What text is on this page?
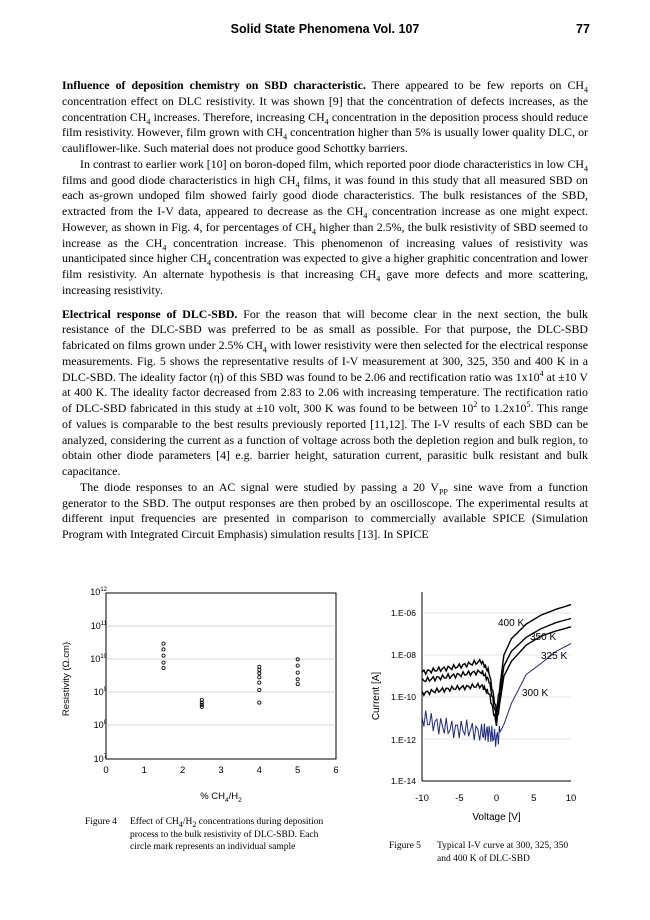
Solid State Phenomena Vol. 107	77

Influence of deposition chemistry on SBD characteristic. There appeared to be few reports on $CH_4$ concentration effect on DLC resistivity. It was shown [9] that the concentration of defects increases, as the concentration $CH_4$ increases. Therefore, increasing $CH_4$ concentration in the deposition process should reduce film resistivity. However, film grown with $CH_4$ concentration higher than 5% is usually lower quality DLC, or cauliflower-like. Such material does not produce good Schottky barriers.

In contrast to earlier work [10] on boron-doped film, which reported poor diode characteristics in low $CH_4$ films and good diode characteristics in high $CH_4$ films, it was found in this study that all measured SBD on each as-grown undoped film showed fairly good diode characteristics. The bulk resistances of the SBD, extracted from the I-V data, appeared to decrease as the $CH_4$ concentration increase as one might expect. However, as shown in Fig. 4, for percentages of $CH_4$ higher than 2.5%, the bulk resistivity of SBD seemed to increase as the $CH_4$ concentration increase. This phenomenon of increasing values of resistivity was unanticipated since higher $CH_4$ concentration was expected to give a higher graphitic concentration and lower film resistivity. An alternate hypothesis is that increasing $CH_4$ gave more defects and more scattering, increasing resistivity.

Electrical response of DLC-SBD. For the reason that will become clear in the next section, the bulk resistance of the DLC-SBD was preferred to be as small as possible. For that purpose, the DLC-SBD fabricated on films grown under 2.5% $CH_4$ with lower resistivity were then selected for the electrical response measurements. Fig. 5 shows the representative results of I-V measurement at 300, 325, 350 and 400 K in a DLC-SBD. The ideality factor (η) of this SBD was found to be 2.06 and rectification ratio was $1x10^4$ at ±10 V at 400 K. The ideality factor decreased from 2.83 to 2.06 with increasing temperature. The rectification ratio of DLC-SBD fabricated in this study at ±10 volt, 300 K was found to be between $10^2$ to $1.2x10^5$. This range of values is comparable to the best results previously reported [11,12]. The I-V results of each SBD can be analyzed, considering the current as a function of voltage across both the depletion region and bulk region, to obtain other diode parameters [4] e.g. barrier height, saturation current, parasitic bulk resistant and bulk capacitance.

The diode responses to an AC signal were studied by passing a 20 $V_{PP}$ sine wave from a function generator to the SBD. The output responses are then probed by an oscilloscope. The experimental results at different input frequencies are presented in comparison to commercially available SPICE (Simulation Program with Integrated Circuit Emphasis) simulation results [13]. In SPICE

$10^{12}$
$10^{11}$
$10^{10}$
$10^9$
$10^8$
$10^7$
0	1	2	3	4	5	6
% $CH_4/H_2$
Resistivity (Ω.cm)
1.E-06
1.E-08
1.E-10
1.E-12
1.E-14
-10	-5	0	5	10
Voltage [V]
Current [A]
400 K
350 K
325 K
300 K
Figure 4	Effect of $CH_4/H_2$ concentrations during deposition process to the bulk resistivity of DLC-SBD. Each circle mark represents an individual sample	Figure 5	Typical I-V curve at 300, 325, 350 and 400 K of DLC-SBD
